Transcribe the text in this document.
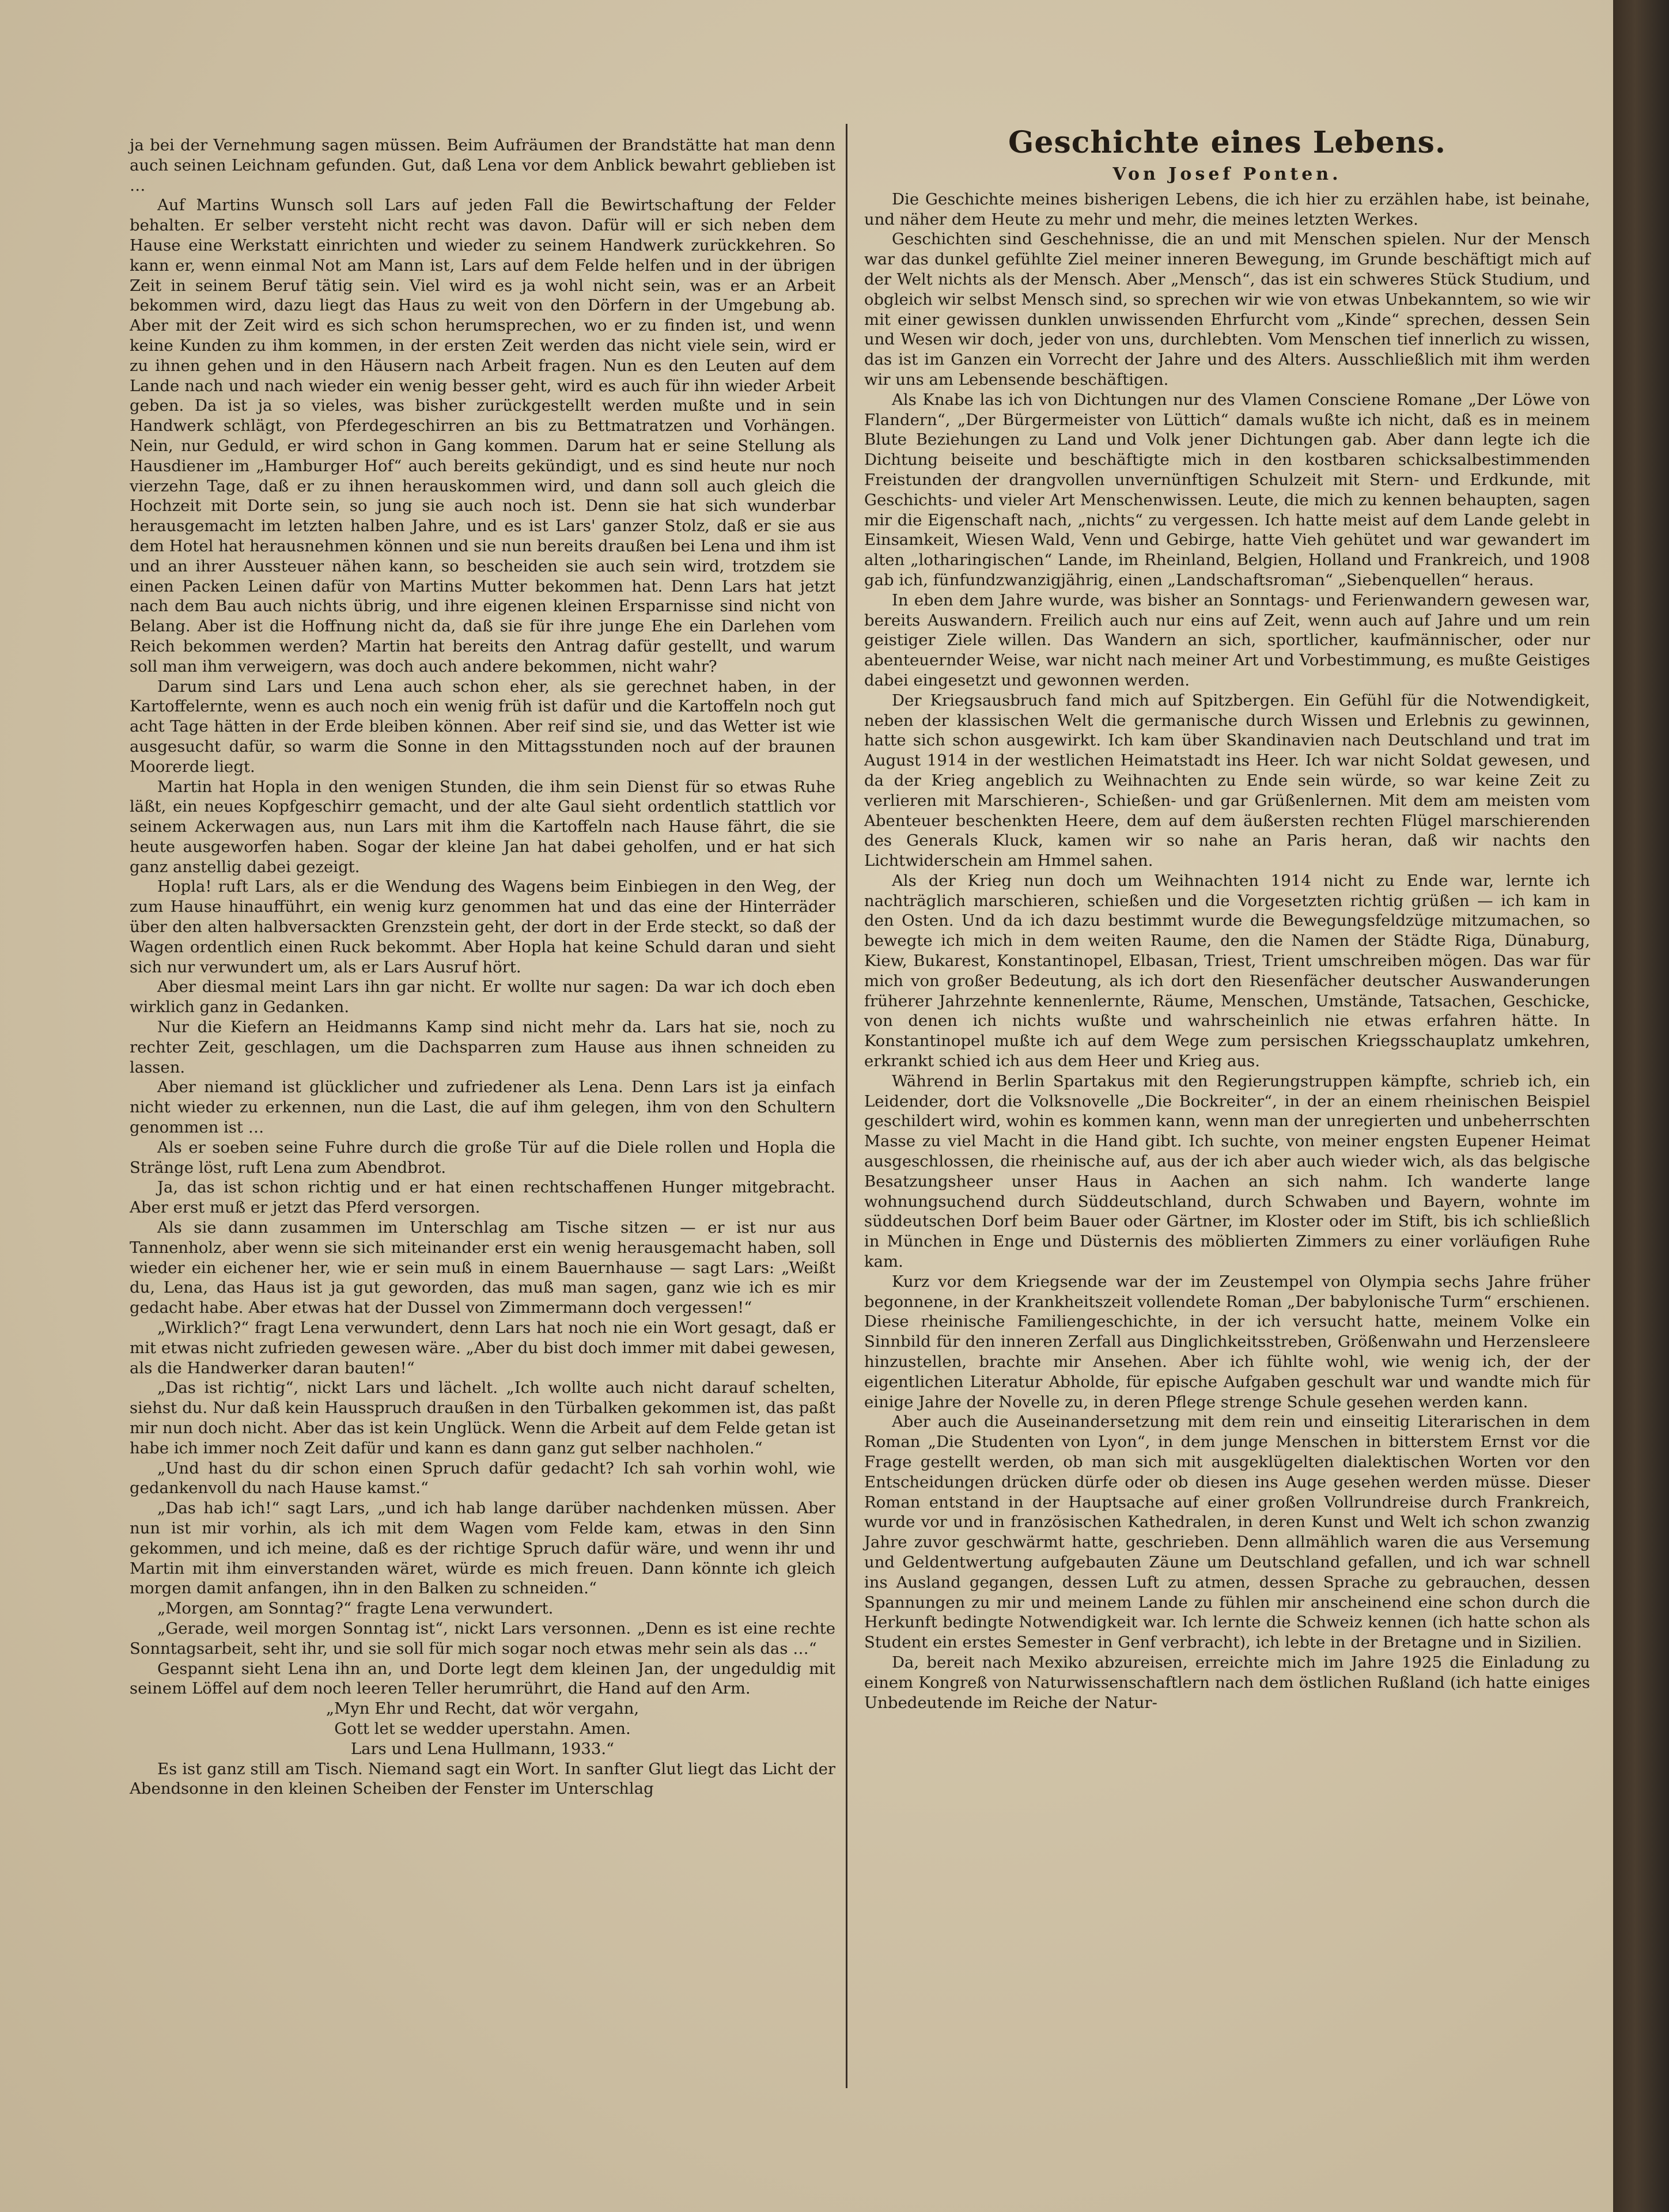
ja bei der Vernehmung sagen müssen. Beim Aufräumen der Brandstätte hat man denn auch seinen Leichnam gefunden. Gut, daß Lena vor dem Anblick bewahrt geblieben ist …

Auf Martins Wunsch soll Lars auf jeden Fall die Bewirtschaftung der Felder behalten. Er selber versteht nicht recht was davon. Dafür will er sich neben dem Hause eine Werkstatt einrichten und wieder zu seinem Handwerk zurückkehren. So kann er, wenn einmal Not am Mann ist, Lars auf dem Felde helfen und in der übrigen Zeit in seinem Beruf tätig sein. Viel wird es ja wohl nicht sein, was er an Arbeit bekommen wird, dazu liegt das Haus zu weit von den Dörfern in der Umgebung ab. Aber mit der Zeit wird es sich schon herumsprechen, wo er zu finden ist, und wenn keine Kunden zu ihm kommen, in der ersten Zeit werden das nicht viele sein, wird er zu ihnen gehen und in den Häusern nach Arbeit fragen. Nun es den Leuten auf dem Lande nach und nach wieder ein wenig besser geht, wird es auch für ihn wieder Arbeit geben. Da ist ja so vieles, was bisher zurückgestellt werden mußte und in sein Handwerk schlägt, von Pferdegeschirren an bis zu Bettmatratzen und Vorhängen. Nein, nur Geduld, er wird schon in Gang kommen. Darum hat er seine Stellung als Hausdiener im „Hamburger Hof“ auch bereits gekündigt, und es sind heute nur noch vierzehn Tage, daß er zu ihnen herauskommen wird, und dann soll auch gleich die Hochzeit mit Dorte sein, so jung sie auch noch ist. Denn sie hat sich wunderbar herausgemacht im letzten halben Jahre, und es ist Lars' ganzer Stolz, daß er sie aus dem Hotel hat herausnehmen können und sie nun bereits draußen bei Lena und ihm ist und an ihrer Aussteuer nähen kann, so bescheiden sie auch sein wird, trotzdem sie einen Packen Leinen dafür von Martins Mutter bekommen hat. Denn Lars hat jetzt nach dem Bau auch nichts übrig, und ihre eigenen kleinen Ersparnisse sind nicht von Belang. Aber ist die Hoffnung nicht da, daß sie für ihre junge Ehe ein Darlehen vom Reich bekommen werden? Martin hat bereits den Antrag dafür gestellt, und warum soll man ihm verweigern, was doch auch andere bekommen, nicht wahr?

Darum sind Lars und Lena auch schon eher, als sie gerechnet haben, in der Kartoffelernte, wenn es auch noch ein wenig früh ist dafür und die Kartoffeln noch gut acht Tage hätten in der Erde bleiben können. Aber reif sind sie, und das Wetter ist wie ausgesucht dafür, so warm die Sonne in den Mittagsstunden noch auf der braunen Moorerde liegt.

Martin hat Hopla in den wenigen Stunden, die ihm sein Dienst für so etwas Ruhe läßt, ein neues Kopfgeschirr gemacht, und der alte Gaul sieht ordentlich stattlich vor seinem Ackerwagen aus, nun Lars mit ihm die Kartoffeln nach Hause fährt, die sie heute ausgeworfen haben. Sogar der kleine Jan hat dabei geholfen, und er hat sich ganz anstellig dabei gezeigt.

Hopla! ruft Lars, als er die Wendung des Wagens beim Einbiegen in den Weg, der zum Hause hinaufführt, ein wenig kurz genommen hat und das eine der Hinterräder über den alten halbversackten Grenzstein geht, der dort in der Erde steckt, so daß der Wagen ordentlich einen Ruck bekommt. Aber Hopla hat keine Schuld daran und sieht sich nur verwundert um, als er Lars Ausruf hört.

Aber diesmal meint Lars ihn gar nicht. Er wollte nur sagen: Da war ich doch eben wirklich ganz in Gedanken.

Nur die Kiefern an Heidmanns Kamp sind nicht mehr da. Lars hat sie, noch zu rechter Zeit, geschlagen, um die Dachsparren zum Hause aus ihnen schneiden zu lassen.

Aber niemand ist glücklicher und zufriedener als Lena. Denn Lars ist ja einfach nicht wieder zu erkennen, nun die Last, die auf ihm gelegen, ihm von den Schultern genommen ist …

Als er soeben seine Fuhre durch die große Tür auf die Diele rollen und Hopla die Stränge löst, ruft Lena zum Abendbrot.

Ja, das ist schon richtig und er hat einen rechtschaffenen Hunger mitgebracht. Aber erst muß er jetzt das Pferd versorgen.

Als sie dann zusammen im Unterschlag am Tische sitzen — er ist nur aus Tannenholz, aber wenn sie sich miteinander erst ein wenig herausgemacht haben, soll wieder ein eichener her, wie er sein muß in einem Bauernhause — sagt Lars: „Weißt du, Lena, das Haus ist ja gut geworden, das muß man sagen, ganz wie ich es mir gedacht habe. Aber etwas hat der Dussel von Zimmermann doch vergessen!“

„Wirklich?“ fragt Lena verwundert, denn Lars hat noch nie ein Wort gesagt, daß er mit etwas nicht zufrieden gewesen wäre. „Aber du bist doch immer mit dabei gewesen, als die Handwerker daran bauten!“

„Das ist richtig“, nickt Lars und lächelt. „Ich wollte auch nicht darauf schelten, siehst du. Nur daß kein Hausspruch draußen in den Türbalken gekommen ist, das paßt mir nun doch nicht. Aber das ist kein Unglück. Wenn die Arbeit auf dem Felde getan ist habe ich immer noch Zeit dafür und kann es dann ganz gut selber nachholen.“

„Und hast du dir schon einen Spruch dafür gedacht? Ich sah vorhin wohl, wie gedankenvoll du nach Hause kamst.“

„Das hab ich!“ sagt Lars, „und ich hab lange darüber nachdenken müssen. Aber nun ist mir vorhin, als ich mit dem Wagen vom Felde kam, etwas in den Sinn gekommen, und ich meine, daß es der richtige Spruch dafür wäre, und wenn ihr und Martin mit ihm einverstanden wäret, würde es mich freuen. Dann könnte ich gleich morgen damit anfangen, ihn in den Balken zu schneiden.“

„Morgen, am Sonntag?“ fragte Lena verwundert.

„Gerade, weil morgen Sonntag ist“, nickt Lars versonnen. „Denn es ist eine rechte Sonntagsarbeit, seht ihr, und sie soll für mich sogar noch etwas mehr sein als das …“

Gespannt sieht Lena ihn an, und Dorte legt dem kleinen Jan, der ungeduldig mit seinem Löffel auf dem noch leeren Teller herumrührt, die Hand auf den Arm.

„Myn Ehr und Recht, dat wör vergahn,

Gott let se wedder uperstahn. Amen.

Lars und Lena Hullmann, 1933.“

Es ist ganz still am Tisch. Niemand sagt ein Wort. In sanfter Glut liegt das Licht der Abendsonne in den kleinen Scheiben der Fenster im Unterschlag

Geschichte eines Lebens.
Von Josef Ponten.

Die Geschichte meines bisherigen Lebens, die ich hier zu erzählen habe, ist beinahe, und näher dem Heute zu mehr und mehr, die meines letzten Werkes.

Geschichten sind Geschehnisse, die an und mit Menschen spielen. Nur der Mensch war das dunkel gefühlte Ziel meiner inneren Bewegung, im Grunde beschäftigt mich auf der Welt nichts als der Mensch. Aber „Mensch“, das ist ein schweres Stück Studium, und obgleich wir selbst Mensch sind, so sprechen wir wie von etwas Unbekanntem, so wie wir mit einer gewissen dunklen unwissenden Ehrfurcht vom „Kinde“ sprechen, dessen Sein und Wesen wir doch, jeder von uns, durchlebten. Vom Menschen tief innerlich zu wissen, das ist im Ganzen ein Vorrecht der Jahre und des Alters. Ausschließlich mit ihm werden wir uns am Lebensende beschäftigen.

Als Knabe las ich von Dichtungen nur des Vlamen Consciene Romane „Der Löwe von Flandern“, „Der Bürgermeister von Lüttich“ damals wußte ich nicht, daß es in meinem Blute Beziehungen zu Land und Volk jener Dichtungen gab. Aber dann legte ich die Dichtung beiseite und beschäftigte mich in den kostbaren schicksalbestimmenden Freistunden der drangvollen unvernünftigen Schulzeit mit Stern- und Erdkunde, mit Geschichts- und vieler Art Menschenwissen. Leute, die mich zu kennen behaupten, sagen mir die Eigenschaft nach, „nichts“ zu vergessen. Ich hatte meist auf dem Lande gelebt in Einsamkeit, Wiesen Wald, Venn und Gebirge, hatte Vieh gehütet und war gewandert im alten „lotharingischen“ Lande, im Rheinland, Belgien, Holland und Frankreich, und 1908 gab ich, fünfundzwanzigjährig, einen „Landschaftsroman“ „Siebenquellen“ heraus.

In eben dem Jahre wurde, was bisher an Sonntags- und Ferienwandern gewesen war, bereits Auswandern. Freilich auch nur eins auf Zeit, wenn auch auf Jahre und um rein geistiger Ziele willen. Das Wandern an sich, sportlicher, kaufmännischer, oder nur abenteuernder Weise, war nicht nach meiner Art und Vorbestimmung, es mußte Geistiges dabei eingesetzt und gewonnen werden.

Der Kriegsausbruch fand mich auf Spitzbergen. Ein Gefühl für die Notwendigkeit, neben der klassischen Welt die germanische durch Wissen und Erlebnis zu gewinnen, hatte sich schon ausgewirkt. Ich kam über Skandinavien nach Deutschland und trat im August 1914 in der westlichen Heimatstadt ins Heer. Ich war nicht Soldat gewesen, und da der Krieg angeblich zu Weihnachten zu Ende sein würde, so war keine Zeit zu verlieren mit Marschieren-, Schießen- und gar Grüßenlernen. Mit dem am meisten vom Abenteuer beschenkten Heere, dem auf dem äußersten rechten Flügel marschierenden des Generals Kluck, kamen wir so nahe an Paris heran, daß wir nachts den Lichtwiderschein am Hmmel sahen.

Als der Krieg nun doch um Weihnachten 1914 nicht zu Ende war, lernte ich nachträglich marschieren, schießen und die Vorgesetzten richtig grüßen — ich kam in den Osten. Und da ich dazu bestimmt wurde die Bewegungsfeldzüge mitzumachen, so bewegte ich mich in dem weiten Raume, den die Namen der Städte Riga, Dünaburg, Kiew, Bukarest, Konstantinopel, Elbasan, Triest, Trient umschreiben mögen. Das war für mich von großer Bedeutung, als ich dort den Riesenfächer deutscher Auswanderungen früherer Jahrzehnte kennenlernte, Räume, Menschen, Umstände, Tatsachen, Geschicke, von denen ich nichts wußte und wahrscheinlich nie etwas erfahren hätte. In Konstantinopel mußte ich auf dem Wege zum persischen Kriegsschauplatz umkehren, erkrankt schied ich aus dem Heer und Krieg aus.

Während in Berlin Spartakus mit den Regierungstruppen kämpfte, schrieb ich, ein Leidender, dort die Volksnovelle „Die Bockreiter“, in der an einem rheinischen Beispiel geschildert wird, wohin es kommen kann, wenn man der unregierten und unbeherrschten Masse zu viel Macht in die Hand gibt. Ich suchte, von meiner engsten Eupener Heimat ausgeschlossen, die rheinische auf, aus der ich aber auch wieder wich, als das belgische Besatzungsheer unser Haus in Aachen an sich nahm. Ich wanderte lange wohnungsuchend durch Süddeutschland, durch Schwaben und Bayern, wohnte im süddeutschen Dorf beim Bauer oder Gärtner, im Kloster oder im Stift, bis ich schließlich in München in Enge und Düsternis des möblierten Zimmers zu einer vorläufigen Ruhe kam.

Kurz vor dem Kriegsende war der im Zeustempel von Olympia sechs Jahre früher begonnene, in der Krankheitszeit vollendete Roman „Der babylonische Turm“ erschienen. Diese rheinische Familiengeschichte, in der ich versucht hatte, meinem Volke ein Sinnbild für den inneren Zerfall aus Dinglichkeitsstreben, Größenwahn und Herzensleere hinzustellen, brachte mir Ansehen. Aber ich fühlte wohl, wie wenig ich, der der eigentlichen Literatur Abholde, für epische Aufgaben geschult war und wandte mich für einige Jahre der Novelle zu, in deren Pflege strenge Schule gesehen werden kann.

Aber auch die Auseinandersetzung mit dem rein und einseitig Literarischen in dem Roman „Die Studenten von Lyon“, in dem junge Menschen in bitterstem Ernst vor die Frage gestellt werden, ob man sich mit ausgeklügelten dialektischen Worten vor den Entscheidungen drücken dürfe oder ob diesen ins Auge gesehen werden müsse. Dieser Roman entstand in der Hauptsache auf einer großen Vollrundreise durch Frankreich, wurde vor und in französischen Kathedralen, in deren Kunst und Welt ich schon zwanzig Jahre zuvor geschwärmt hatte, geschrieben. Denn allmählich waren die aus Versemung und Geldentwertung aufgebauten Zäune um Deutschland gefallen, und ich war schnell ins Ausland gegangen, dessen Luft zu atmen, dessen Sprache zu gebrauchen, dessen Spannungen zu mir und meinem Lande zu fühlen mir anscheinend eine schon durch die Herkunft bedingte Notwendigkeit war. Ich lernte die Schweiz kennen (ich hatte schon als Student ein erstes Semester in Genf verbracht), ich lebte in der Bretagne und in Sizilien.

Da, bereit nach Mexiko abzureisen, erreichte mich im Jahre 1925 die Einladung zu einem Kongreß von Naturwissenschaftlern nach dem östlichen Rußland (ich hatte einiges Unbedeutende im Reiche der Natur-
